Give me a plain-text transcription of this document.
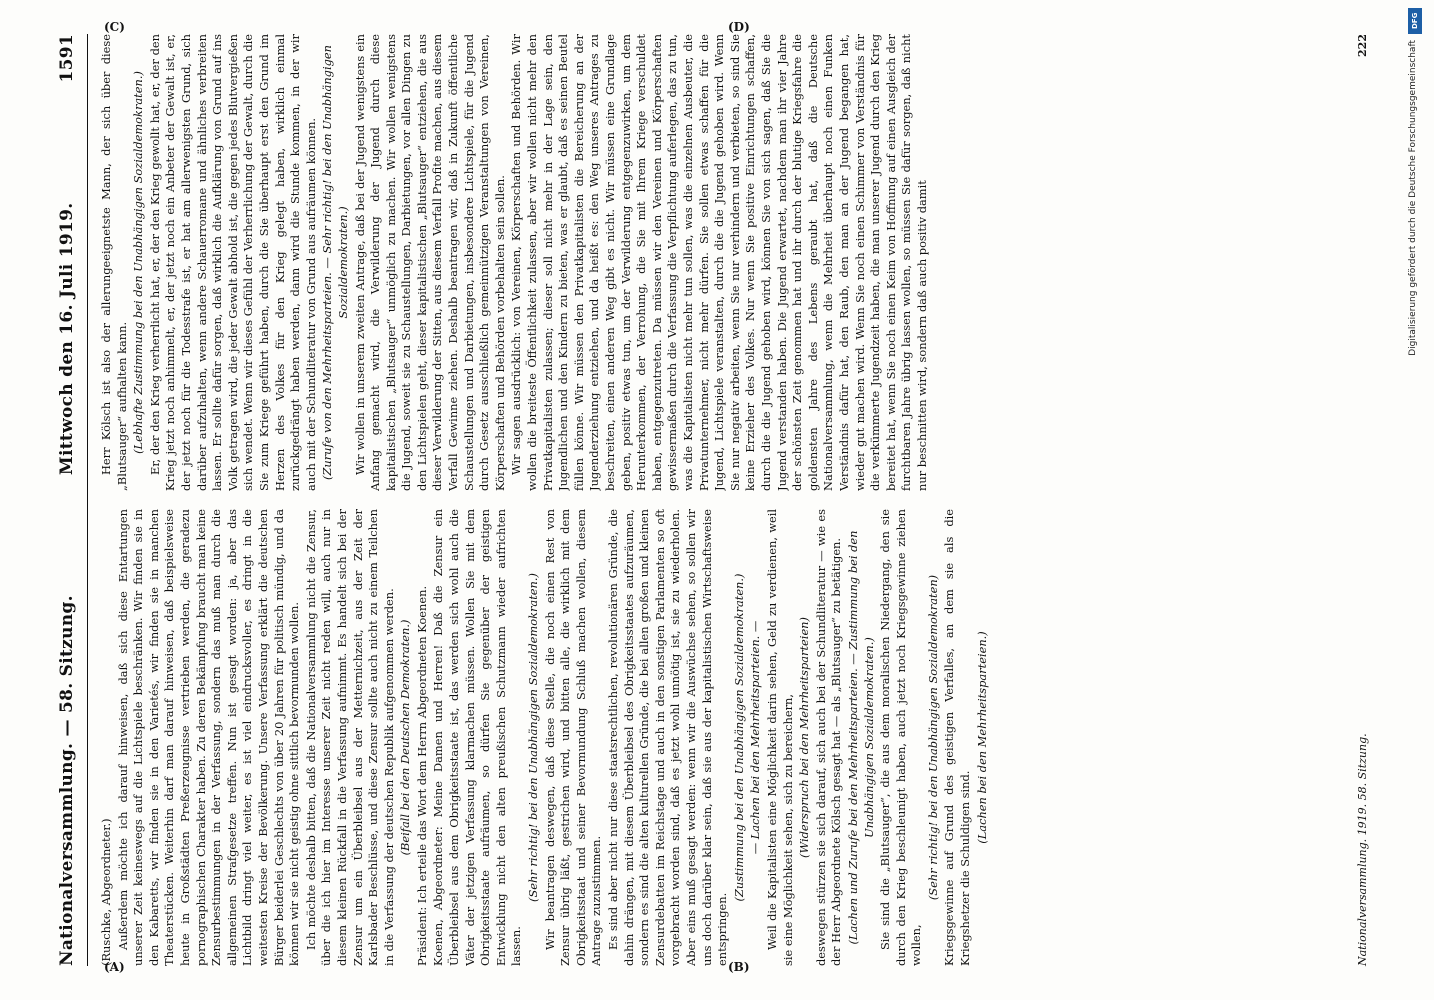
Nationalversammlung. — 58. Sitzung.
Mittwoch den 16. Juli 1919.
1591

(Ruschke, Abgeordneter.) Außerdem möchte ich darauf hinweisen, daß sich diese Entartungen unserer Zeit keineswegs auf die Lichtspiele beschränken. Wir finden sie in den Kabaretts, wir finden sie in den Varietés, wir finden sie in manchen Theaterstücken. Weiterhin darf man darauf hinweisen, daß beispielsweise heute in Großstädten Preßerzeugnisse vertrieben werden, die geradezu pornographischen Charakter haben. Zu deren Bekämpfung braucht man keine Zensurbestimmungen in der Verfassung, sondern das muß man durch die allgemeinen Strafgesetze treffen. Nun ist gesagt worden: ja, aber das Lichtbild dringt viel weiter, es ist viel eindrucksvoller, es dringt in die weitesten Kreise der Bevölkerung. Unsere Verfassung erklärt die deutschen Bürger beiderlei Geschlechts von über 20 Jahren für politisch mündig, und da können wir sie nicht geistig ohne sittlich bevormunden wollen. Ich möchte deshalb bitten, daß die Nationalversammlung nicht die Zensur, über die ich hier im Interesse unserer Zeit nicht reden will, auch nur in diesem kleinen Rückfall in die Verfassung aufnimmt. Es handelt sich bei der Zensur um ein Überbleibsel aus der Metternichzeit, aus der Zeit der Karlsbader Beschlüsse, und diese Zensur sollte auch nicht zu einem Teilchen in die Verfassung der deutschen Republik aufgenommen werden. (Beifall bei den Deutschen Demokraten.) Präsident: Ich erteile das Wort dem Herrn Abgeordneten Koenen. Koenen, Abgeordneter: Meine Damen und Herren! Daß die Zensur ein Überbleibsel aus dem Obrigkeitsstaate ist, das werden sich wohl auch die Väter der jetzigen Verfassung klarmachen müssen. Wollen Sie mit dem Obrigkeitsstaate aufräumen, so dürfen Sie gegenüber der geistigen Entwicklung nicht den alten preußischen Schutzmann wieder aufrichten lassen.

(Sehr richtig! bei den Unabhängigen Sozialdemokraten.) Wir beantragen deswegen, daß diese Stelle, die noch einen Rest von Zensur übrig läßt, gestrichen wird, und bitten alle, die wirklich mit dem Obrigkeitsstaat und seiner Bevormundung Schluß machen wollen, diesem Antrage zuzustimmen. Es sind aber nicht nur diese staatsrechtlichen, revolutionären Gründe, die dahin drängen, mit diesem Überbleibsel des Obrigkeitsstaates aufzuräumen, sondern es sind die alten kulturellen Gründe, die bei allen großen und kleinen Zensurdebatten im Reichstage und auch in den sonstigen Parlamenten so oft vorgebracht worden sind, daß es jetzt wohl unnötig ist, sie zu wiederholen. Aber eins muß gesagt werden: wenn wir die Auswüchse sehen, so sollen wir uns doch darüber klar sein, daß sie aus der kapitalistischen Wirtschaftsweise entspringen.

(Zustimmung bei den Unabhängigen Sozialdemokraten.) — Lachen bei den Mehrheitsparteien. — Weil die Kapitalisten eine Möglichkeit darin sehen, Geld zu verdienen, weil sie eine Möglichkeit sehen, sich zu bereichern, (Widerspruch bei den Mehrheitsparteien) deswegen stürzen sie sich darauf, sich auch bei der Schundliteratur — wie es der Herr Abgeordnete Kölsch gesagt hat — als „Blutsauger“ zu betätigen. (Lachen und Zurufe bei den Mehrheitsparteien. — Zustimmung bei den Unabhängigen Sozialdemokraten.) Sie sind die „Blutsauger“, die aus dem moralischen Niedergang, den sie durch den Krieg beschleunigt haben, auch jetzt noch Kriegsgewinne ziehen wollen,

(Sehr richtig! bei den Unabhängigen Sozialdemokraten) Kriegsgewinne auf Grund des geistigen Verfalles, an dem sie als die Kriegshetzer die Schuldigen sind.

(Lachen bei den Mehrheitsparteien.)

Herr Kölsch ist also der allerungeeignetste Mann, der sich über diese „Blutsauger“ aufhalten kann. (Lebhafte Zustimmung bei den Unabhängigen Sozialdemokraten.) Er, der den Krieg verherrlicht hat, er, der den Krieg gewollt hat, er, der den Krieg jetzt noch anhimmelt, er, der jetzt noch ein Anbeter der Gewalt ist, er, der jetzt noch für die Todesstrafe ist, er hat am allerwenigsten Grund, sich darüber aufzuhalten, wenn andere Schauerromane und ähnliches verbreiten lassen. Er sollte dafür sorgen, daß wirklich die Aufklärung von Grund auf ins Volk getragen wird, die jeder Gewalt abhold ist, die gegen jedes Blutvergießen sich wendet. Wenn wir dieses Gefühl der Verherrlichung der Gewalt, durch die Sie zum Kriege geführt haben, durch die Sie überhaupt erst den Grund im Herzen des Volkes für den Krieg gelegt haben, wirklich einmal zurückgedrängt haben werden, dann wird die Stunde kommen, in der wir auch mit der Schundliteratur von Grund aus aufräumen können. (Zurufe von den Mehrheitsparteien. — Sehr richtig! bei den Unabhängigen Sozialdemokraten.) Wir wollen in unserem zweiten Antrage, daß bei der Jugend wenigstens ein Anfang gemacht wird, die Verwilderung der Jugend durch diese kapitalistischen „Blutsauger“ unmöglich zu machen. Wir wollen wenigstens die Jugend, soweit sie zu Schaustellungen, Darbietungen, vor allen Dingen zu den Lichtspielen geht, dieser kapitalistischen „Blutsauger“ entziehen, die aus dieser Verwilderung der Sitten, aus diesem Verfall Profite machen, aus diesem Verfall Gewinne ziehen. Deshalb beantragen wir, daß in Zukunft öffentliche Schaustellungen und Darbietungen, insbesondere Lichtspiele, für die Jugend durch Gesetz ausschließlich gemeinnützigen Veranstaltungen von Vereinen, Körperschaften und Behörden vorbehalten sein sollen. Wir sagen ausdrücklich: von Vereinen, Körperschaften und Behörden. Wir wollen die breiteste Öffentlichkeit zulassen, aber wir wollen nicht mehr den Privatkapitalisten zulassen; dieser soll nicht mehr in der Lage sein, den Jugendlichen und den Kindern zu bieten, was er glaubt, daß es seinen Beutel füllen könne. Wir müssen den Privatkapitalisten die Bereicherung an der Jugenderziehung entziehen, und da heißt es: den Weg unseres Antrages zu beschreiten, einen anderen Weg gibt es nicht. Wir müssen eine Grundlage geben, positiv etwas tun, um der Verwilderung entgegenzuwirken, um dem Herunterkommen, der Verrohung, die Sie mit Ihrem Kriege verschuldet haben, entgegenzutreten. Da müssen wir den Vereinen und Körperschaften gewissermaßen durch die Verfassung die Verpflichtung auferlegen, das zu tun, was die Kapitalisten nicht mehr tun sollen, was die einzelnen Ausbeuter, die Privatunternehmer, nicht mehr dürfen. Sie sollen etwas schaffen für die Jugend, Lichtspiele veranstalten, durch die die Jugend gehoben wird. Wenn Sie nur negativ arbeiten, wenn Sie nur verhindern und verbieten, so sind Sie keine Erzieher des Volkes. Nur wenn Sie positive Einrichtungen schaffen, durch die die Jugend gehoben wird, können Sie von sich sagen, daß Sie die Jugend verstanden haben. Die Jugend erwartet, nachdem man ihr vier Jahre der schönsten Zeit genommen hat und ihr durch der blutige Kriegsfahre die goldensten Jahre des Lebens geraubt hat, daß die Deutsche Nationalversammlung, wenn die Mehrheit überhaupt noch einen Funken Verständnis dafür hat, den Raub, den man an der Jugend begangen hat, wieder gut machen wird. Wenn Sie noch einen Schimmer von Verständnis für die verkümmerte Jugendzeit haben, die man unserer Jugend durch den Krieg bereitet hat, wenn Sie noch einen Keim von Hoffnung auf einen Ausgleich der furchtbaren Jahre übrig lassen wollen, so müssen Sie dafür sorgen, daß nicht nur beschnitten wird, sondern daß auch positiv damit

Nationalversammlung. 1919. 58. Sitzung.
222
(A)	(B)
(C)	(D)	DFG
Digitalisierung gefördert durch die Deutsche Forschungsgemeinschaft
